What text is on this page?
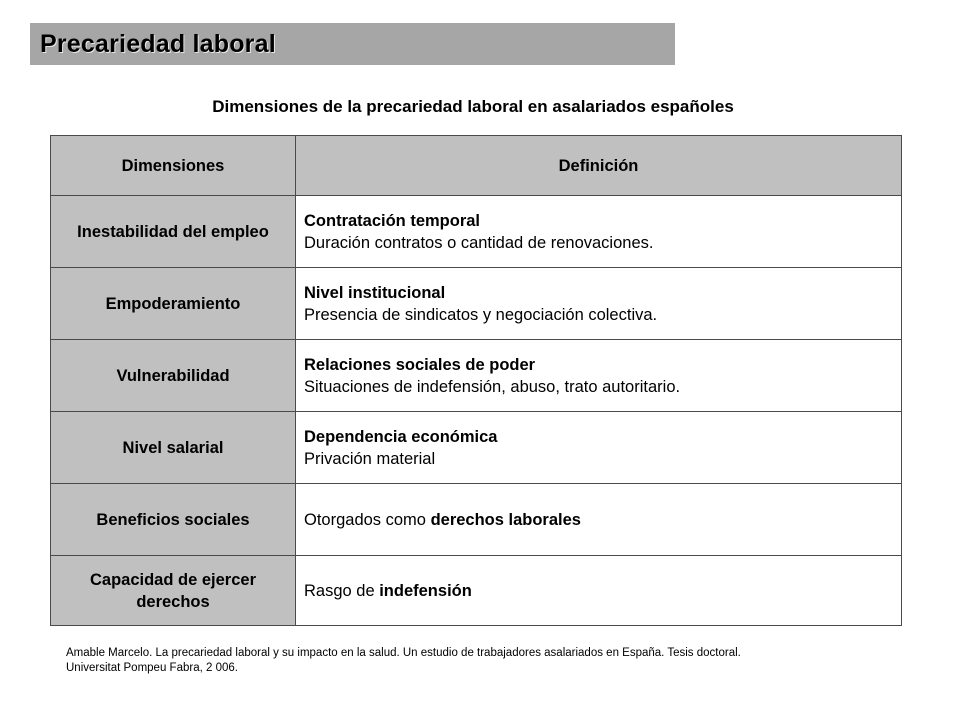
Precariedad laboral
Dimensiones de la precariedad laboral en asalariados españoles
Dimensiones	Definición
Inestabilidad del empleo	Contratación temporal
Duración contratos o cantidad de renovaciones.

Empoderamiento	Nivel institucional
Presencia de sindicatos y negociación colectiva.

Vulnerabilidad	Relaciones sociales de poder
Situaciones de indefensión, abuso, trato autoritario.

Nivel salarial	Dependencia económica
Privación material

Beneficios sociales	Otorgados como derechos laborales
Capacidad de ejercer derechos	Rasgo de indefensión
Amable Marcelo. La precariedad laboral y su impacto en la salud. Un estudio de trabajadores asalariados en España. Tesis doctoral.
Universitat Pompeu Fabra, 2 006.
